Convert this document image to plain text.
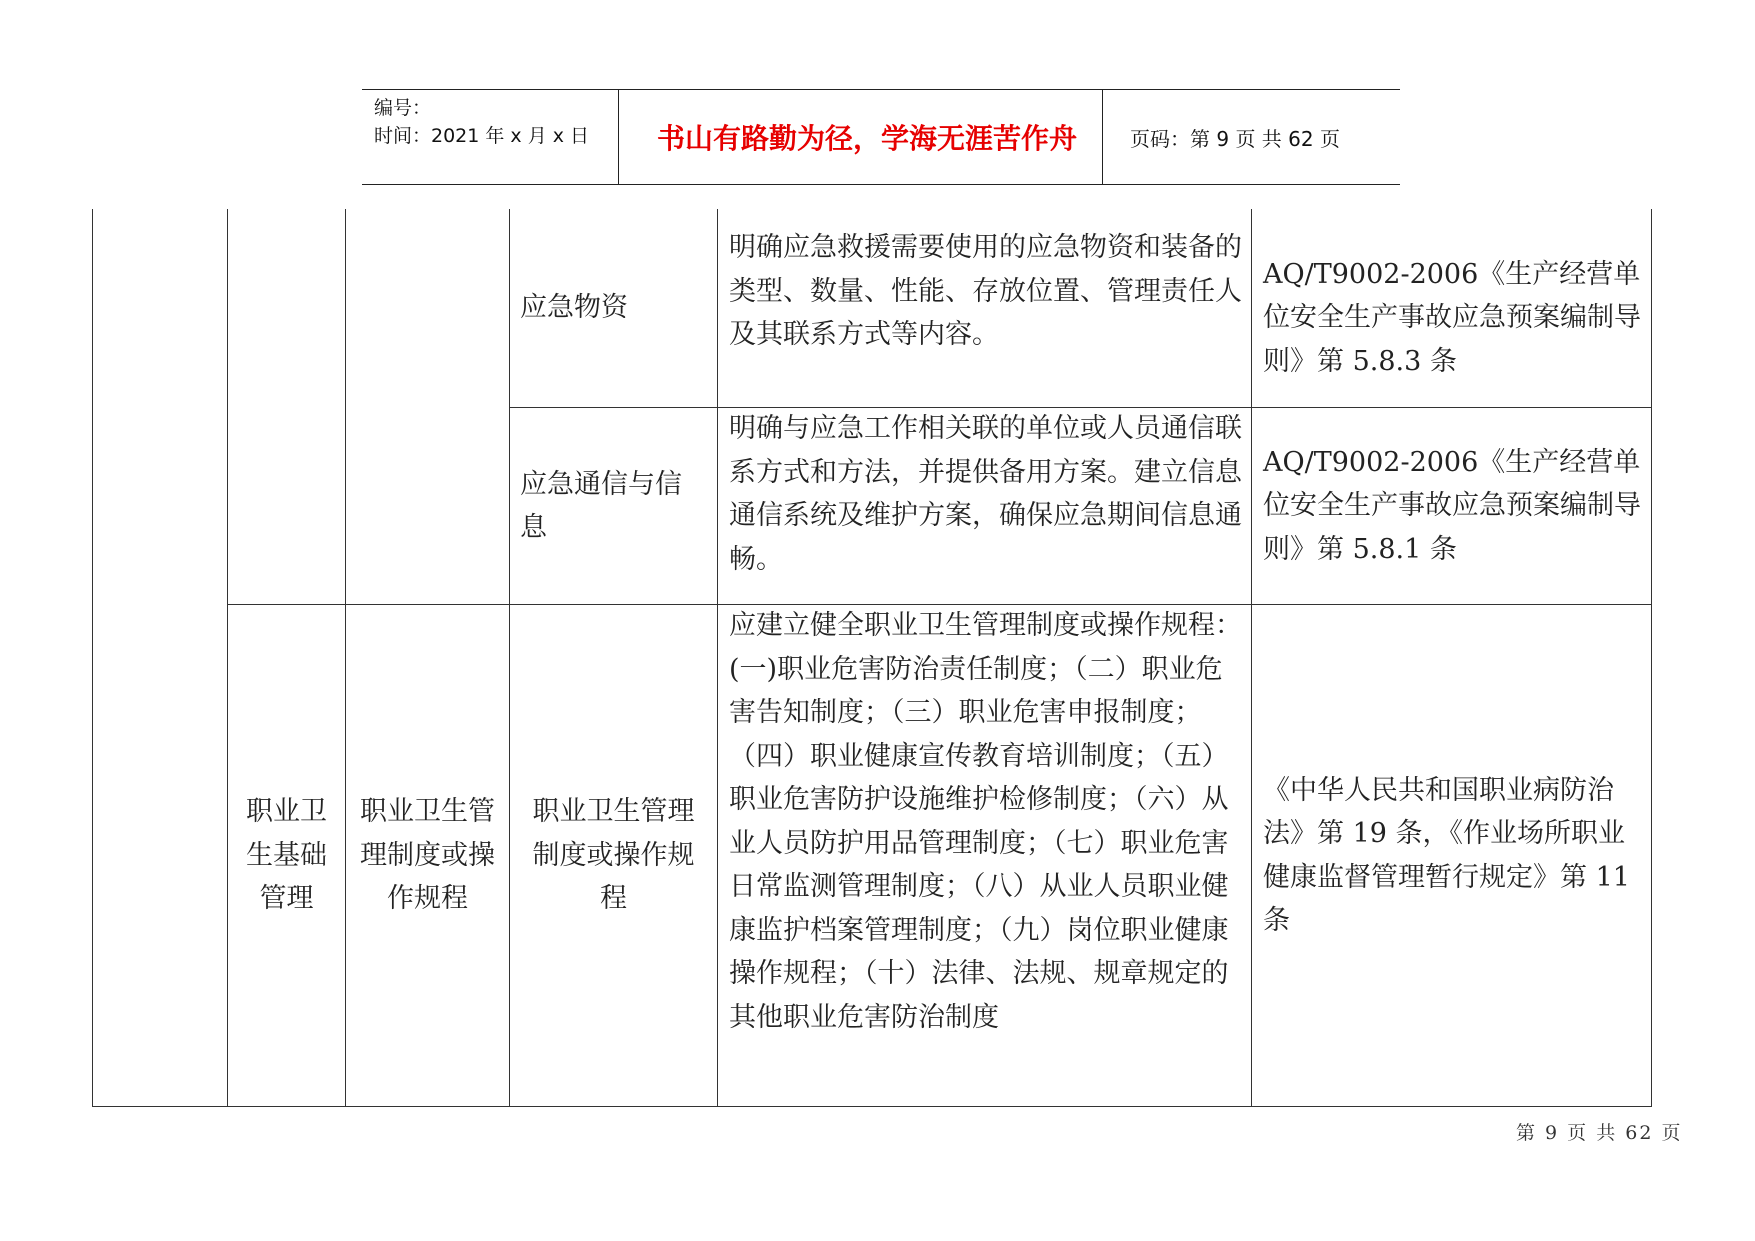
编号：
时间：2021 年 x 月 x 日	书山有路勤为径，学海无涯苦作舟	页码：第 9 页 共 62 页
应急物资
明确应急救援需要使用的应急物资和装备的类型、数量、性能、存放位置、管理责任人及其联系方式等内容。
AQ/T9002-2006《生产经营单位安全生产事故应急预案编制导则》第 5.8.3 条
应急通信与信息
明确与应急工作相关联的单位或人员通信联系方式和方法，并提供备用方案。建立信息通信系统及维护方案，确保应急期间信息通畅。
AQ/T9002-2006《生产经营单位安全生产事故应急预案编制导则》第 5.8.1 条
职业卫生基础管理
职业卫生管理制度或操作规程
职业卫生管理制度或操作规程
应建立健全职业卫生管理制度或操作规程：(一)职业危害防治责任制度；（二）职业危害告知制度；（三）职业危害申报制度；（四）职业健康宣传教育培训制度；（五）职业危害防护设施维护检修制度；（六）从业人员防护用品管理制度；（七）职业危害日常监测管理制度；（八）从业人员职业健康监护档案管理制度；（九）岗位职业健康操作规程；（十）法律、法规、规章规定的其他职业危害防治制度
《中华人民共和国职业病防治法》第 19 条，《作业场所职业健康监督管理暂行规定》第 11 条
第 9 页 共 62 页
